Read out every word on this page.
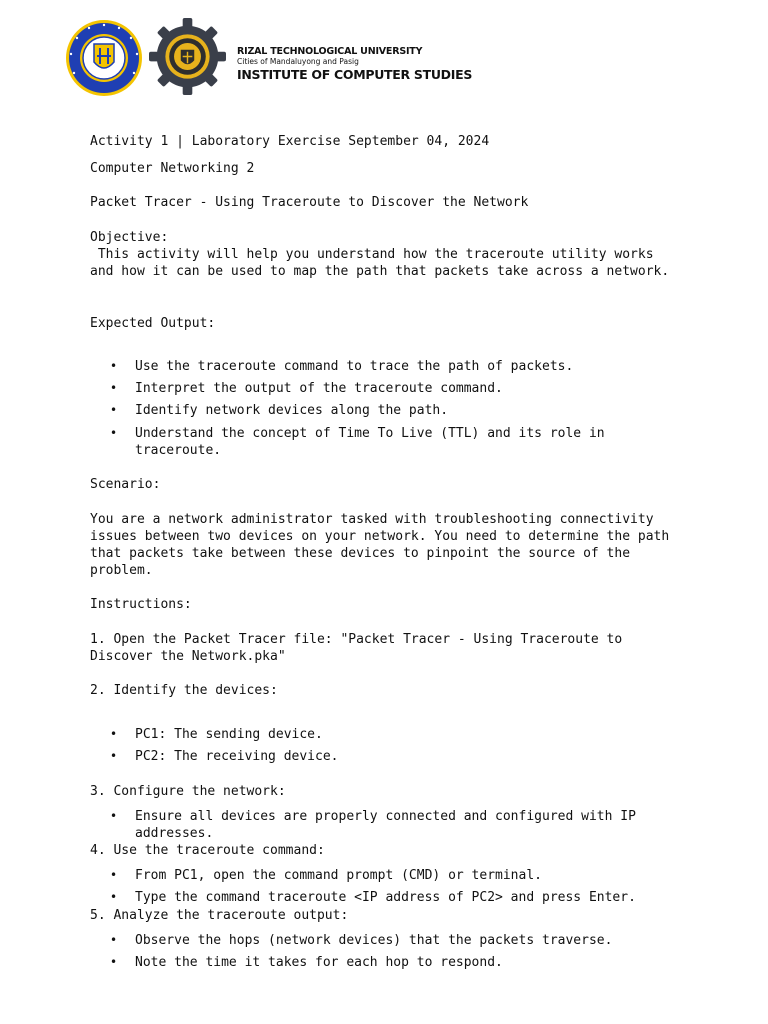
RIZAL TECHNOLOGICAL UNIVERSITY
Cities of Mandaluyong and Pasig
INSTITUTE OF COMPUTER STUDIES
Activity 1 | Laboratory Exercise September 04, 2024
Computer Networking 2
Packet Tracer - Using Traceroute to Discover the Network
Objective:
This activity will help you understand how the traceroute utility works and how it can be used to map the path that packets take across a network.
Expected Output:
• Use the traceroute command to trace the path of packets.
• Interpret the output of the traceroute command.
• Identify network devices along the path.
• Understand the concept of Time To Live (TTL) and its role in traceroute.
Scenario:
You are a network administrator tasked with troubleshooting connectivity issues between two devices on your network. You need to determine the path that packets take between these devices to pinpoint the source of the problem.
Instructions:
1. Open the Packet Tracer file: "Packet Tracer - Using Traceroute to Discover the Network.pka"
2. Identify the devices:
• PC1: The sending device.
• PC2: The receiving device.
3. Configure the network:
• Ensure all devices are properly connected and configured with IP addresses.
4. Use the traceroute command:
• From PC1, open the command prompt (CMD) or terminal.
• Type the command traceroute <IP address of PC2> and press Enter.
5. Analyze the traceroute output:
• Observe the hops (network devices) that the packets traverse.
• Note the time it takes for each hop to respond.
